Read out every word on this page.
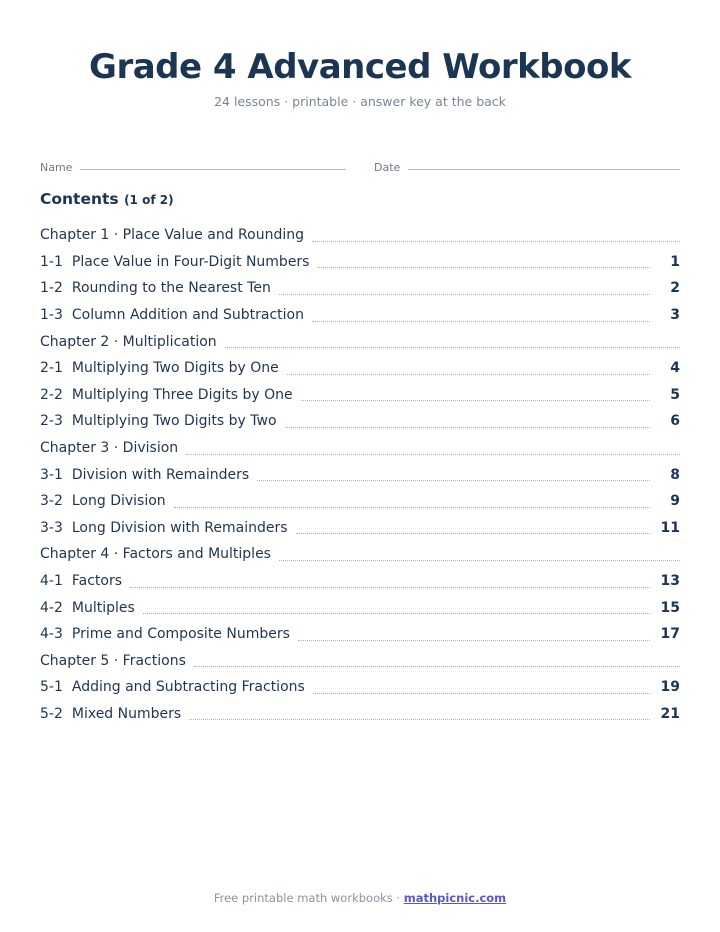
Grade 4 Advanced Workbook
24 lessons · printable · answer key at the back
Name	Date
Contents (1 of 2)
Chapter 1 · Place Value and Rounding
1-1 Place Value in Four-Digit Numbers	1
1-2 Rounding to the Nearest Ten	2
1-3 Column Addition and Subtraction	3
Chapter 2 · Multiplication
2-1 Multiplying Two Digits by One	4
2-2 Multiplying Three Digits by One	5
2-3 Multiplying Two Digits by Two	6
Chapter 3 · Division
3-1 Division with Remainders	8
3-2 Long Division	9
3-3 Long Division with Remainders	11
Chapter 4 · Factors and Multiples
4-1 Factors	13
4-2 Multiples	15
4-3 Prime and Composite Numbers	17
Chapter 5 · Fractions
5-1 Adding and Subtracting Fractions	19
5-2 Mixed Numbers	21
Free printable math workbooks · mathpicnic.com
